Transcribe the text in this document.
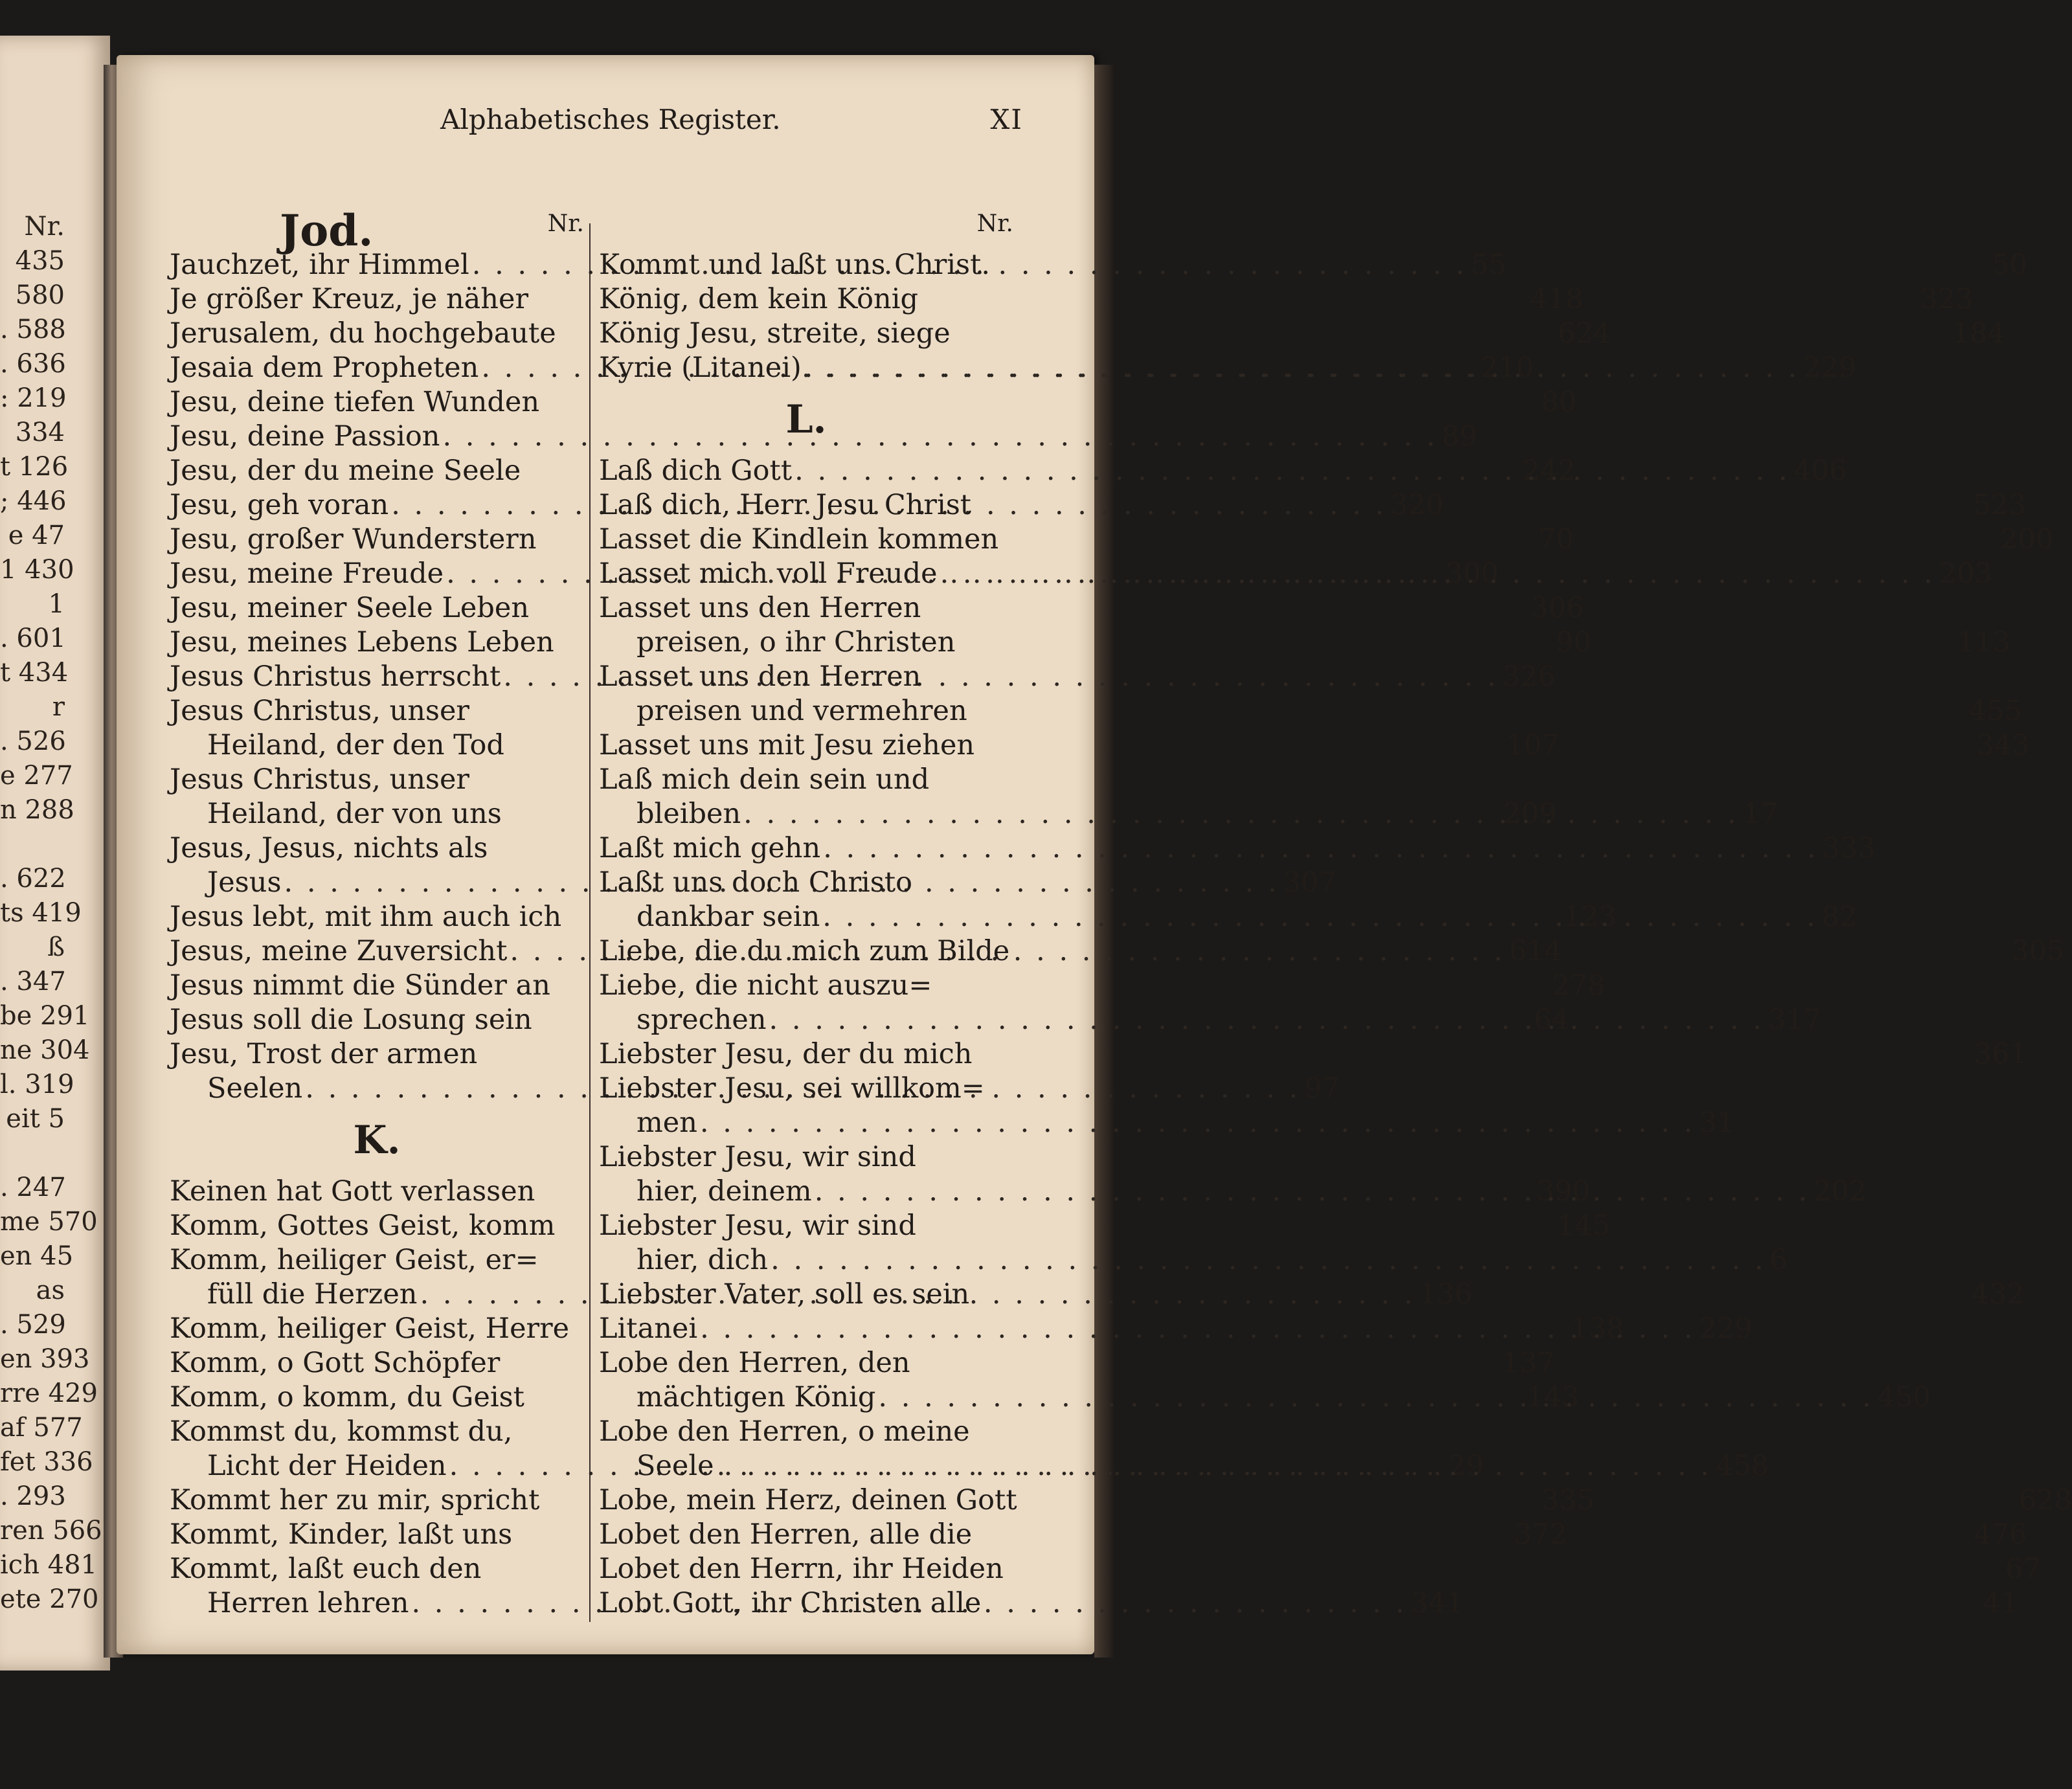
Nr.
435
580
. 588
. 636
: 219
334
t 126
; 446
e 47
1 430
1
. 601
t 434
r
. 526
e 277
n 288
. 622
ts 419
ß
. 347
be 291
ne 304
l. 319
eit 5
. 247
me 570
en 45
as
. 529
en 393
rre 429
af 577
fet 336
. 293
ren 566
ich 481
ete 270
Alphabetisches Register.	XI
Nr.
Jod.
Jauchzet, ihr Himmel . . .	55
Je größer Kreuz, je näher	418
Jerusalem, du hochgebaute	624
Jesaia dem Propheten . . .	210
Jesu, deine tiefen Wunden	80
Jesu, deine Passion . . .	89
Jesu, der du meine Seele	242
Jesu, geh voran . . .	320
Jesu, großer Wunderstern	70
Jesu, meine Freude . . .	300
Jesu, meiner Seele Leben	306
Jesu, meines Lebens Leben	90
Jesus Christus herrscht . . .	326
Jesus Christus, unser
Heiland, der den Tod	107
Jesus Christus, unser
Heiland, der von uns	209
Jesus, Jesus, nichts als
Jesus . . .	307
Jesus lebt, mit ihm auch ich	123
Jesus, meine Zuversicht . . .	614
Jesus nimmt die Sünder an	278
Jesus soll die Losung sein	64
Jesu, Trost der armen
Seelen . . .	97
K.
Keinen hat Gott verlassen	390
Komm, Gottes Geist, komm	145
Komm, heiliger Geist, er=
füll die Herzen . . .	136
Komm, heiliger Geist, Herre	138
Komm, o Gott Schöpfer	137
Komm, o komm, du Geist	143
Kommst du, kommst du,
Licht der Heiden . . .	29
Kommt her zu mir, spricht	335
Kommt, Kinder, laßt uns	372
Kommt, laßt euch den
Herren lehren . . .	341
Nr.
Kommt und laßt uns Christ.	50
König, dem kein König	323
König Jesu, streite, siege	184
Kyrie (Litanei) . . .	229
L.
Laß dich Gott . . .	406
Laß dich, Herr Jesu Christ	523
Lasset die Kindlein kommen	200
Lasset mich voll Freude . . .	203
Lasset uns den Herren
preisen, o ihr Christen	113
Lasset uns den Herren
preisen und vermehren	455
Lasset uns mit Jesu ziehen	343
Laß mich dein sein und
bleiben . . .	17
Laßt mich gehn . . .	333
Laßt uns doch Christo
dankbar sein . . .	82
Liebe, die du mich zum Bilde	305
Liebe, die nicht auszu=
sprechen . . .	317
Liebster Jesu, der du mich	361
Liebster Jesu, sei willkom=
men . . .	31
Liebster Jesu, wir sind
hier, deinem . . .	202
Liebster Jesu, wir sind
hier, dich . . .	6
Liebster Vater, soll es sein	432
Litanei . . .	229
Lobe den Herren, den
mächtigen König . . .	450
Lobe den Herren, o meine
Seele . . .	458
Lobe, mein Herz, deinen Gott	628
Lobet den Herren, alle die	476
Lobet den Herrn, ihr Heiden	67
Lobt Gott, ihr Christen alle	41
